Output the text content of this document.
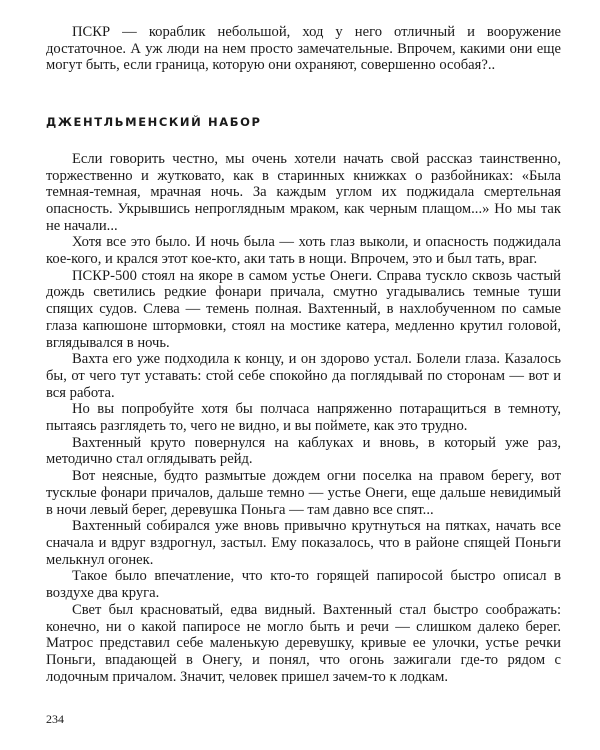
ПСКР — кораблик небольшой, ход у него отличный и вооружение достаточное. А уж люди на нем просто замечательные. Впрочем, какими они еще могут быть, если граница, которую они охраняют, совершенно особая?..

ДЖЕНТЛЬМЕНСКИЙ НАБОР

Если говорить честно, мы очень хотели начать свой рассказ таинственно, торжественно и жутковато, как в старинных книжках о разбойниках: «Была темная-темная, мрачная ночь. За каждым углом их поджидала смертельная опасность. Укрывшись непроглядным мраком, как черным плащом...» Но мы так не начали...

Хотя все это было. И ночь была — хоть глаз выколи, и опасность поджидала кое-кого, и крался этот кое-кто, аки тать в нощи. Впрочем, это и был тать, враг.

ПСКР-500 стоял на якоре в самом устье Онеги. Справа тускло сквозь частый дождь светились редкие фонари причала, смутно угадывались темные туши спящих судов. Слева — темень полная. Вахтенный, в нахлобученном по самые глаза капюшоне штормовки, стоял на мостике катера, медленно крутил головой, вглядывался в ночь.

Вахта его уже подходила к концу, и он здорово устал. Болели глаза. Казалось бы, от чего тут уставать: стой себе спокойно да поглядывай по сторонам — вот и вся работа.

Но вы попробуйте хотя бы полчаса напряженно потаращиться в темноту, пытаясь разглядеть то, чего не видно, и вы поймете, как это трудно.

Вахтенный круто повернулся на каблуках и вновь, в который уже раз, методично стал оглядывать рейд.

Вот неясные, будто размытые дождем огни поселка на правом берегу, вот тусклые фонари причалов, дальше темно — устье Онеги, еще дальше невидимый в ночи левый берег, деревушка Поньга — там давно все спят...

Вахтенный собирался уже вновь привычно крутнуться на пятках, начать все сначала и вдруг вздрогнул, застыл. Ему показалось, что в районе спящей Поньги мелькнул огонек.

Такое было впечатление, что кто-то горящей папиросой быстро описал в воздухе два круга.

Свет был красноватый, едва видный. Вахтенный стал быстро соображать: конечно, ни о какой папиросе не могло быть и речи — слишком далеко берег. Матрос представил себе маленькую деревушку, кривые ее улочки, устье речки Поньги, впадающей в Онегу, и понял, что огонь зажигали где-то рядом с лодочным причалом. Значит, человек пришел зачем-то к лодкам.

234
